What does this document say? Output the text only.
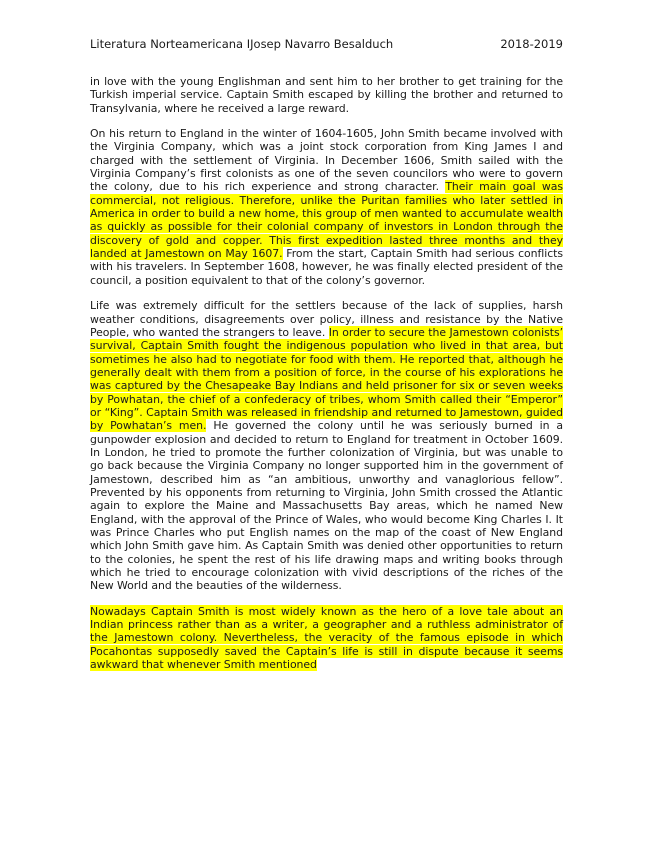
Literatura Norteamericana IJosep Navarro Besalduch	2018-2019

in love with the young Englishman and sent him to her brother to get training for the Turkish imperial service. Captain Smith escaped by killing the brother and returned to Transylvania, where he received a large reward.

On his return to England in the winter of 1604-1605, John Smith became involved with the Virginia Company, which was a joint stock corporation from King James I and charged with the settlement of Virginia. In December 1606, Smith sailed with the Virginia Company’s first colonists as one of the seven councilors who were to govern the colony, due to his rich experience and strong character. Their main goal was commercial, not religious. Therefore, unlike the Puritan families who later settled in America in order to build a new home, this group of men wanted to accumulate wealth as quickly as possible for their colonial company of investors in London through the discovery of gold and copper. This first expedition lasted three months and they landed at Jamestown on May 1607. From the start, Captain Smith had serious conflicts with his travelers. In September 1608, however, he was finally elected president of the council, a position equivalent to that of the colony’s governor.

Life was extremely difficult for the settlers because of the lack of supplies, harsh weather conditions, disagreements over policy, illness and resistance by the Native People, who wanted the strangers to leave. In order to secure the Jamestown colonists’ survival, Captain Smith fought the indigenous population who lived in that area, but sometimes he also had to negotiate for food with them. He reported that, although he generally dealt with them from a position of force, in the course of his explorations he was captured by the Chesapeake Bay Indians and held prisoner for six or seven weeks by Powhatan, the chief of a confederacy of tribes, whom Smith called their “Emperor” or “King”. Captain Smith was released in friendship and returned to Jamestown, guided by Powhatan’s men. He governed the colony until he was seriously burned in a gunpowder explosion and decided to return to England for treatment in October 1609. In London, he tried to promote the further colonization of Virginia, but was unable to go back because the Virginia Company no longer supported him in the government of Jamestown, described him as “an ambitious, unworthy and vanaglorious fellow”. Prevented by his opponents from returning to Virginia, John Smith crossed the Atlantic again to explore the Maine and Massachusetts Bay areas, which he named New England, with the approval of the Prince of Wales, who would become King Charles I. It was Prince Charles who put English names on the map of the coast of New England which John Smith gave him. As Captain Smith was denied other opportunities to return to the colonies, he spent the rest of his life drawing maps and writing books through which he tried to encourage colonization with vivid descriptions of the riches of the New World and the beauties of the wilderness.

Nowadays Captain Smith is most widely known as the hero of a love tale about an Indian princess rather than as a writer, a geographer and a ruthless administrator of the Jamestown colony. Nevertheless, the veracity of the famous episode in which Pocahontas supposedly saved the Captain’s life is still in dispute because it seems awkward that whenever Smith mentioned
